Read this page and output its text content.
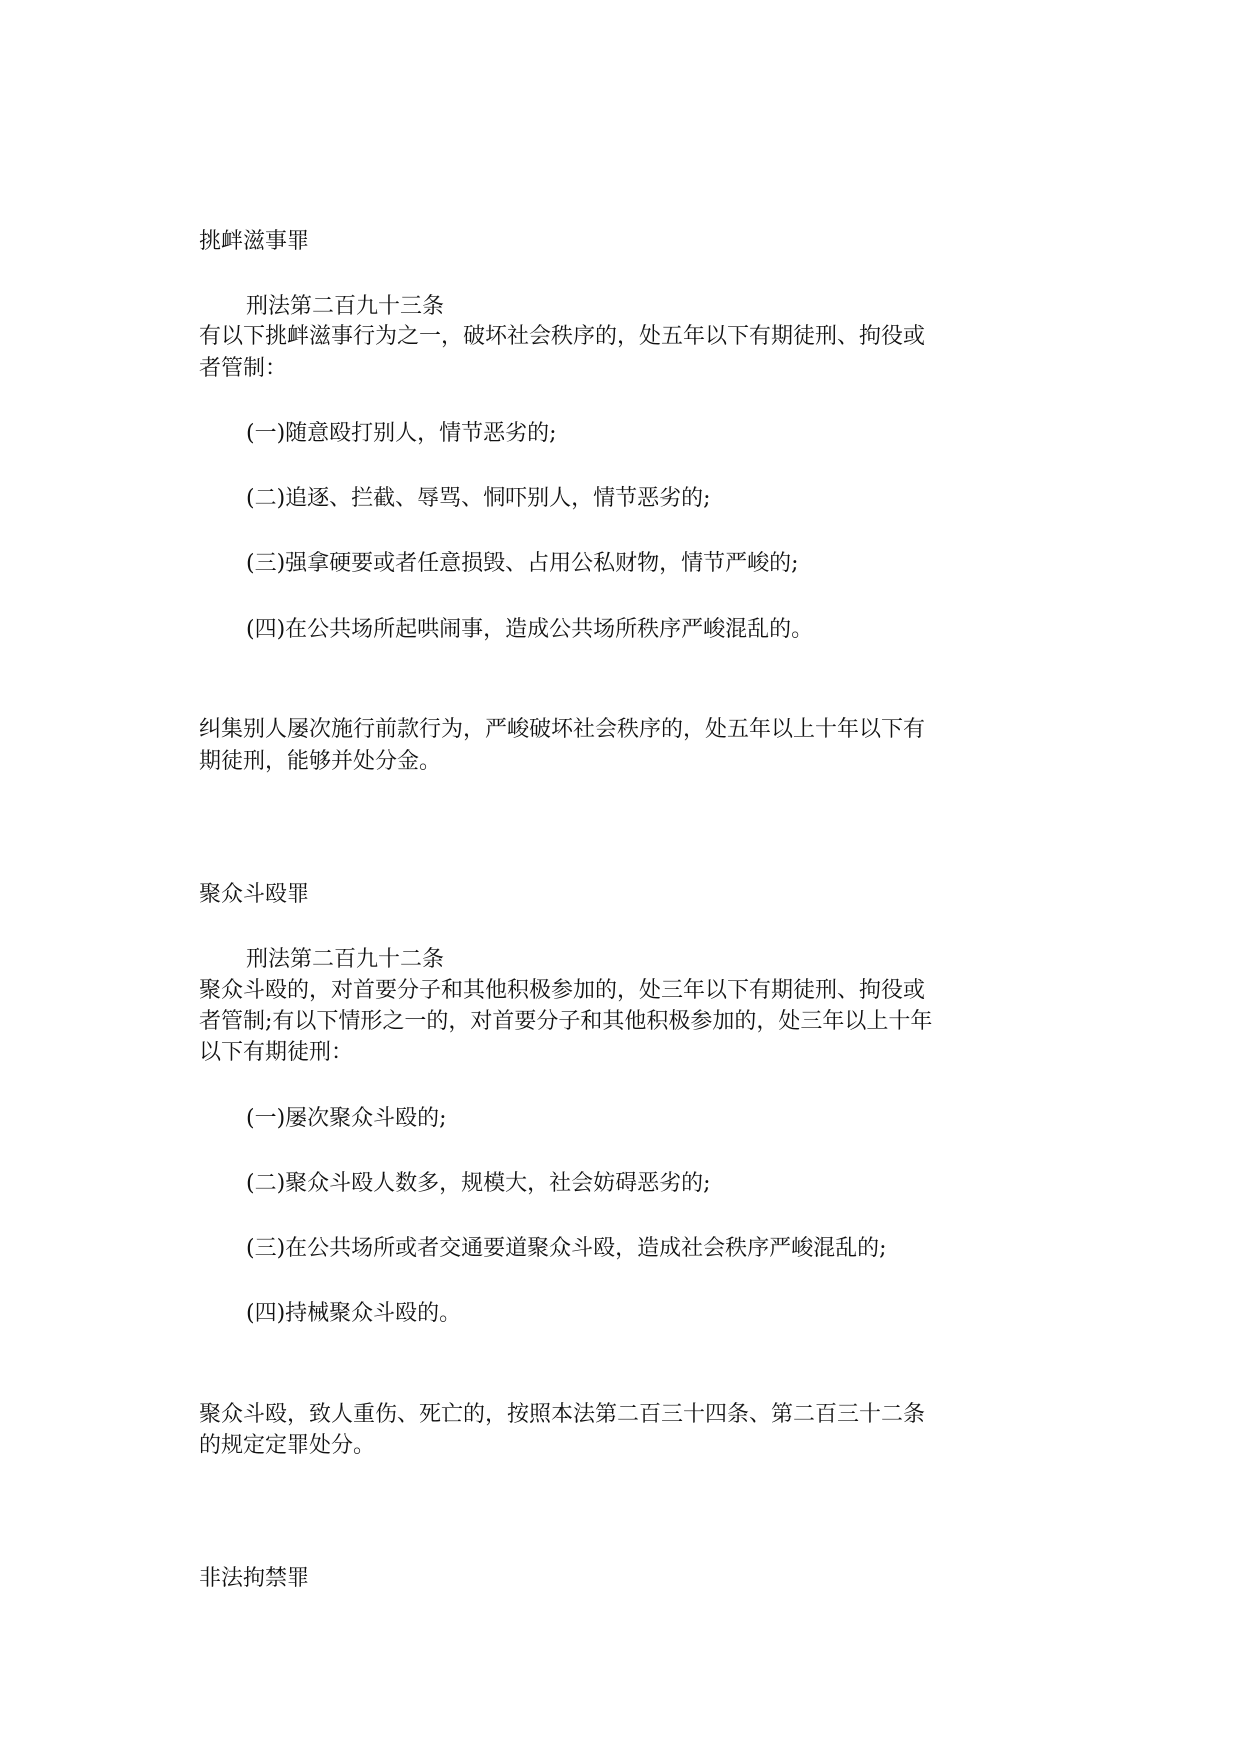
挑衅滋事罪
刑法第二百九十三条
有以下挑衅滋事行为之一，破坏社会秩序的，处五年以下有期徒刑、拘役或
者管制：
(一)随意殴打别人，情节恶劣的;
(二)追逐、拦截、辱骂、恫吓别人，情节恶劣的;
(三)强拿硬要或者任意损毁、占用公私财物，情节严峻的;
(四)在公共场所起哄闹事，造成公共场所秩序严峻混乱的。
纠集别人屡次施行前款行为，严峻破坏社会秩序的，处五年以上十年以下有
期徒刑，能够并处分金。
聚众斗殴罪
刑法第二百九十二条
聚众斗殴的，对首要分子和其他积极参加的，处三年以下有期徒刑、拘役或
者管制;有以下情形之一的，对首要分子和其他积极参加的，处三年以上十年
以下有期徒刑：
(一)屡次聚众斗殴的;
(二)聚众斗殴人数多，规模大，社会妨碍恶劣的;
(三)在公共场所或者交通要道聚众斗殴，造成社会秩序严峻混乱的;
(四)持械聚众斗殴的。
聚众斗殴，致人重伤、死亡的，按照本法第二百三十四条、第二百三十二条
的规定定罪处分。
非法拘禁罪
